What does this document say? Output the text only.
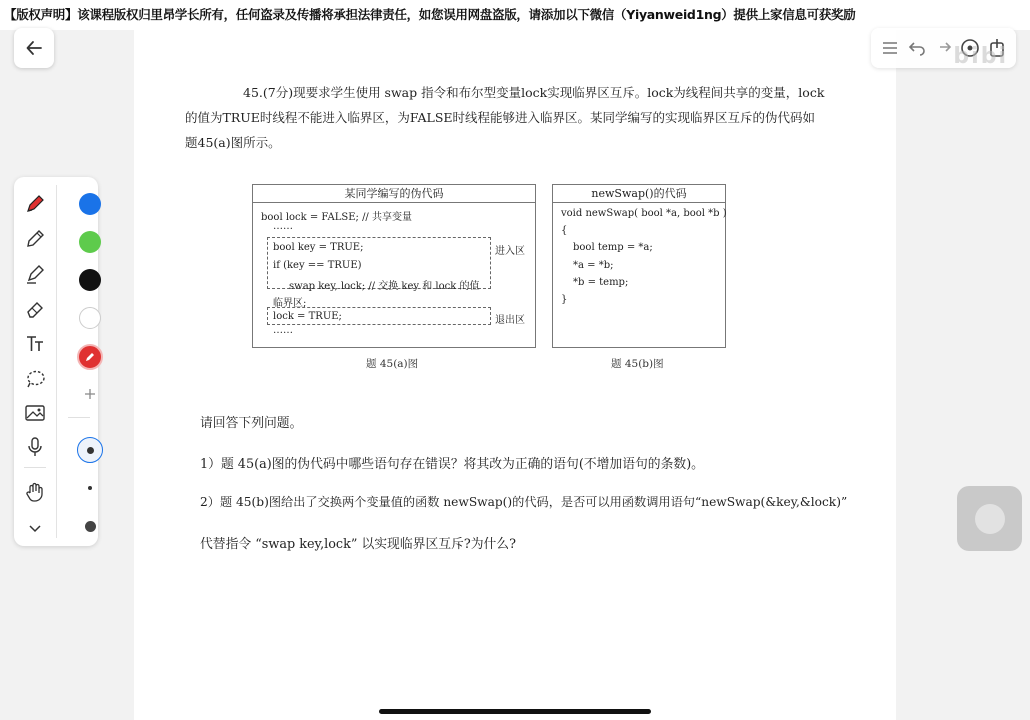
【版权声明】该课程版权归里昂学长所有，任何盗录及传播将承担法律责任，如您误用网盘盗版，请添加以下微信（Yiyanweid1ng）提供上家信息可获奖励
45.(7分)现要求学生使用 swap 指令和布尔型变量lock实现临界区互斥。lock为线程间共享的变量，lock
的值为TRUE时线程不能进入临界区，为FALSE时线程能够进入临界区。某同学编写的实现临界区互斥的伪代码如
题45(a)图所示。
某同学编写的伪代码
bool lock = FALSE; // 共享变量
……
bool key = TRUE;
if (key == TRUE)
swap key, lock; // 交换 key 和 lock 的值
进入区
临界区;
lock = TRUE;	退出区
……
题 45(a)图
newSwap()的代码
void newSwap( bool *a, bool *b )
{
bool temp = *a;
*a = *b;
*b = temp;
}
题 45(b)图
请回答下列问题。
1）题 45(a)图的伪代码中哪些语句存在错误？将其改为正确的语句(不增加语句的条数)。
2）题 45(b)图给出了交换两个变量值的函数 newSwap()的代码，是否可以用函数调用语句“newSwap(&key,&lock)”
代替指令 “swap key,lock” 以实现临界区互斥?为什么?
bibi
